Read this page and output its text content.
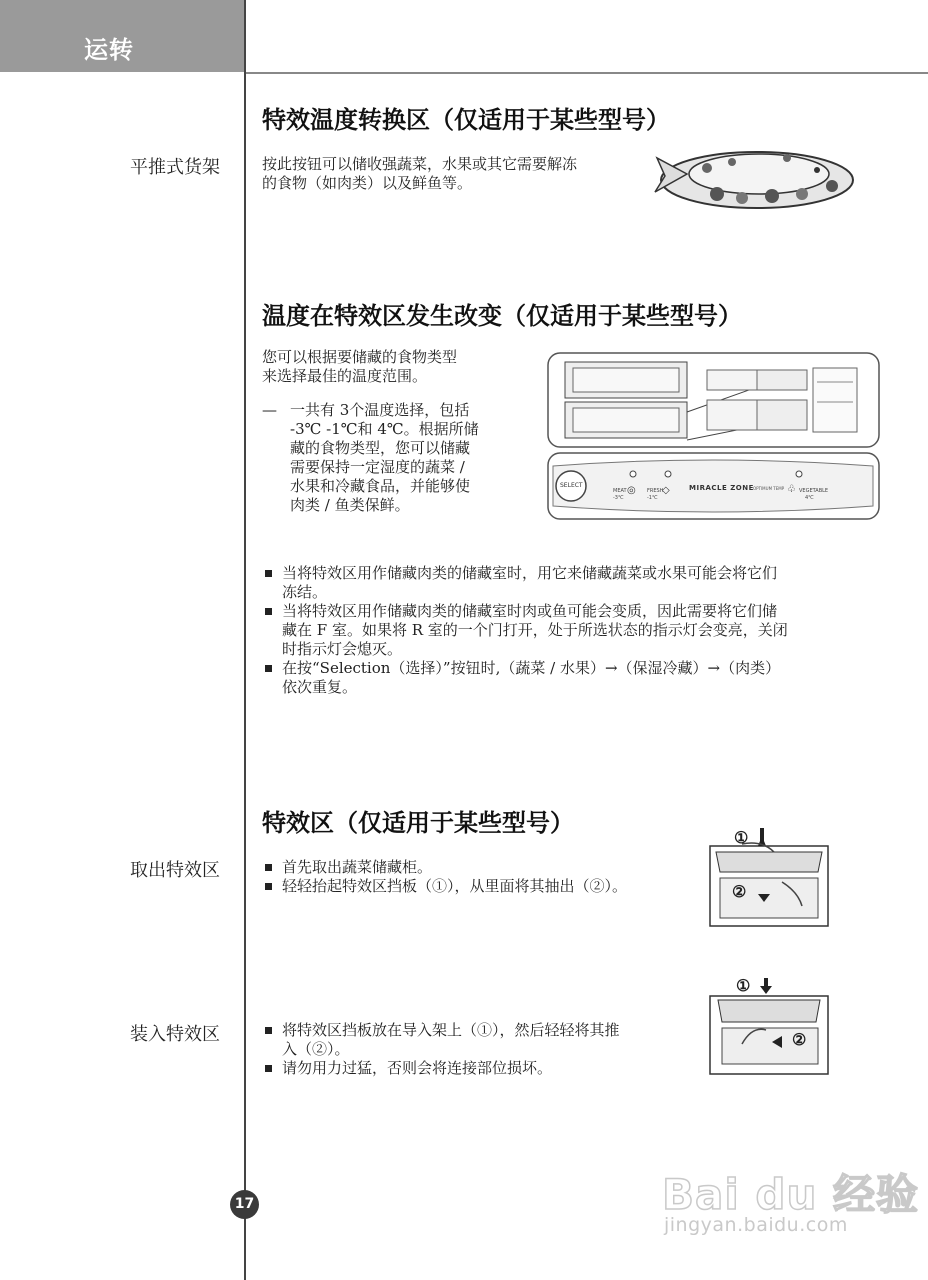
运转
特效温度转换区（仅适用于某些型号）
平推式货架	按此按钮可以储收强蔬菜，水果或其它需要解冻
的食物（如肉类）以及鲜鱼等。
温度在特效区发生改变（仅适用于某些型号）
您可以根据要储藏的食物类型
来选择最佳的温度范围。
— 一共有 3个温度选择，包括
-3℃ -1℃和 4℃。根据所储
藏的食物类型，您可以储藏
需要保持一定湿度的蔬菜 /
水果和冷藏食品，并能够使
肉类 / 鱼类保鲜。
SELECT
MEAT
-3℃
◎ FRESH
-1℃
◇	MIRACLE ZONE OPTIMUM TEMP ♧ VEGETABLE
4℃
当将特效区用作储藏肉类的储藏室时，用它来储藏蔬菜或水果可能会将它们
冻结。
当将特效区用作储藏肉类的储藏室时肉或鱼可能会变质，因此需要将它们储
藏在 F 室。如果将 R 室的一个门打开，处于所选状态的指示灯会变亮，关闭
时指示灯会熄灭。
在按“Selection（选择）”按钮时,（蔬菜 / 水果）→（保湿冷藏）→（肉类）
依次重复。
特效区（仅适用于某些型号）
取出特效区	首先取出蔬菜储藏柜。
轻轻抬起特效区挡板（①），从里面将其抽出（②）。
①
②
装入特效区	将特效区挡板放在导入架上（①），然后轻轻将其推
入（②）。
请勿用力过猛，否则会将连接部位损坏。
①
②
17	Bai du 经验
jingyan.baidu.com
